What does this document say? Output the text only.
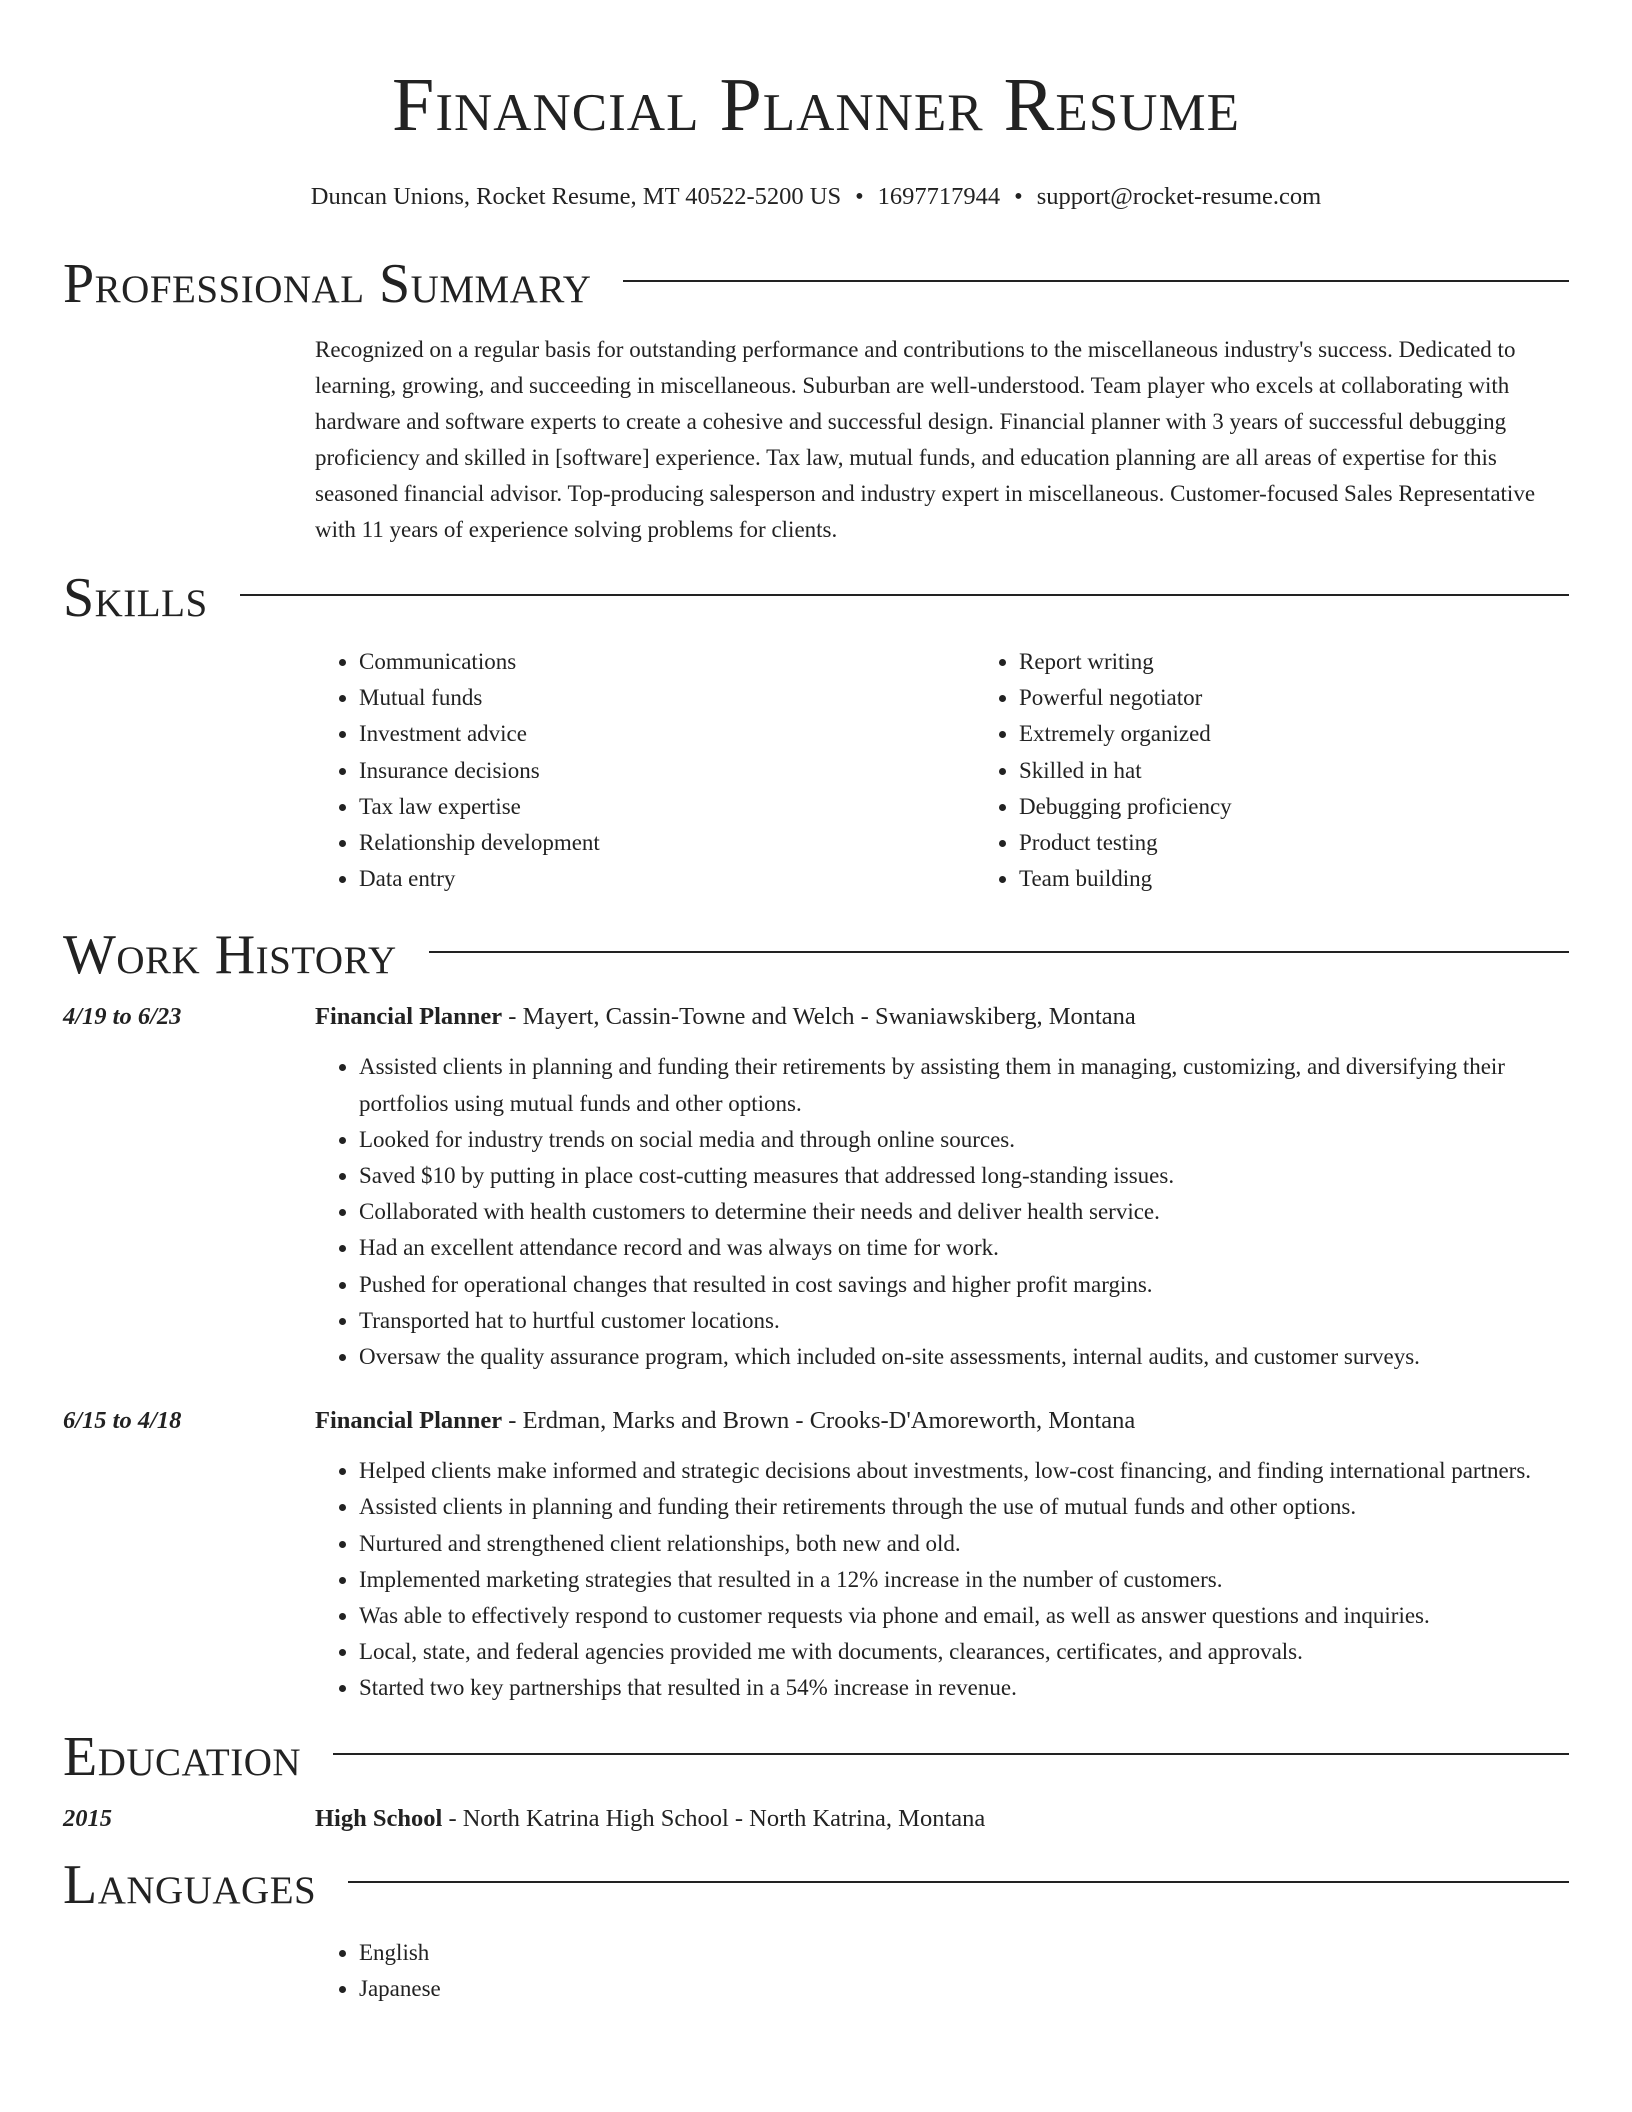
Financial Planner Resume
Duncan Unions, Rocket Resume, MT 40522-5200 US • 1697717944 • support@rocket-resume.com
Professional Summary

Recognized on a regular basis for outstanding performance and contributions to the miscellaneous industry's success. Dedicated to learning, growing, and succeeding in miscellaneous. Suburban are well-understood. Team player who excels at collaborating with hardware and software experts to create a cohesive and successful design. Financial planner with 3 years of successful debugging proficiency and skilled in [software] experience. Tax law, mutual funds, and education planning are all areas of expertise for this seasoned financial advisor. Top-producing salesperson and industry expert in miscellaneous. Customer-focused Sales Representative with 11 years of experience solving problems for clients.

Skills
• Communications
• Mutual funds
• Investment advice
• Insurance decisions
• Tax law expertise
• Relationship development
• Data entry
• Report writing
• Powerful negotiator
• Extremely organized
• Skilled in hat
• Debugging proficiency
• Product testing
• Team building
Work History
4/19 to 6/23	Financial Planner - Mayert, Cassin-Towne and Welch - Swaniawskiberg, Montana
• Assisted clients in planning and funding their retirements by assisting them in managing, customizing, and diversifying their portfolios using mutual funds and other options.
• Looked for industry trends on social media and through online sources.
• Saved $10 by putting in place cost-cutting measures that addressed long-standing issues.
• Collaborated with health customers to determine their needs and deliver health service.
• Had an excellent attendance record and was always on time for work.
• Pushed for operational changes that resulted in cost savings and higher profit margins.
• Transported hat to hurtful customer locations.
• Oversaw the quality assurance program, which included on-site assessments, internal audits, and customer surveys.
6/15 to 4/18	Financial Planner - Erdman, Marks and Brown - Crooks-D'Amoreworth, Montana
• Helped clients make informed and strategic decisions about investments, low-cost financing, and finding international partners.
• Assisted clients in planning and funding their retirements through the use of mutual funds and other options.
• Nurtured and strengthened client relationships, both new and old.
• Implemented marketing strategies that resulted in a 12% increase in the number of customers.
• Was able to effectively respond to customer requests via phone and email, as well as answer questions and inquiries.
• Local, state, and federal agencies provided me with documents, clearances, certificates, and approvals.
• Started two key partnerships that resulted in a 54% increase in revenue.
Education
2015	High School - North Katrina High School - North Katrina, Montana
Languages
• English
• Japanese
